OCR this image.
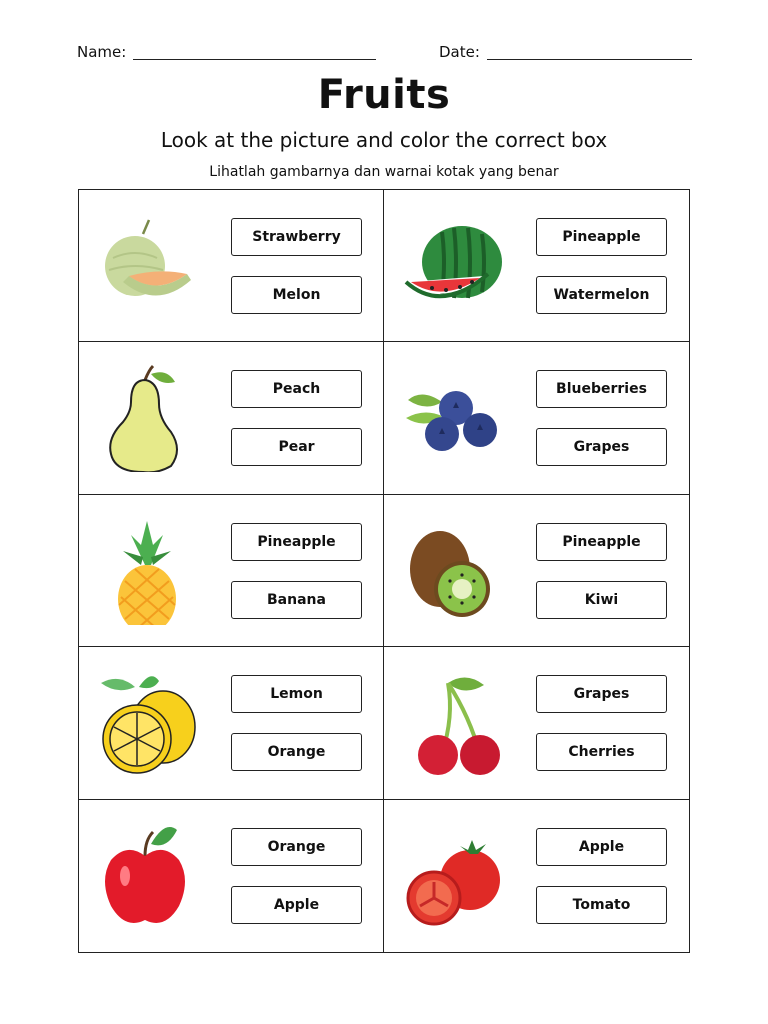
Name:	Date:
Fruits
Look at the picture and color the correct box
Lihatlah gambarnya dan warnai kotak yang benar
Strawberry
Melon
Pineapple
Watermelon
Peach
Pear
Blueberries
Grapes
Pineapple
Banana
Pineapple
Kiwi
Lemon
Orange
Grapes
Cherries
Orange
Apple
Apple
Tomato
